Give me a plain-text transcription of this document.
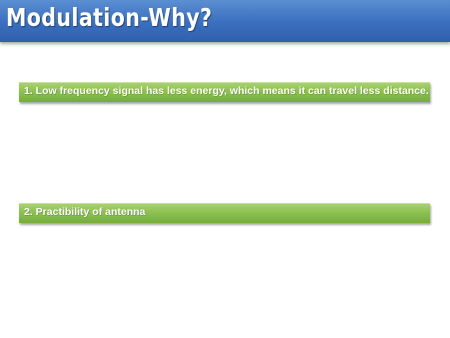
Modulation-Why?
1. Low frequency signal has less energy, which means it can travel less distance.
2. Practibility of antenna
